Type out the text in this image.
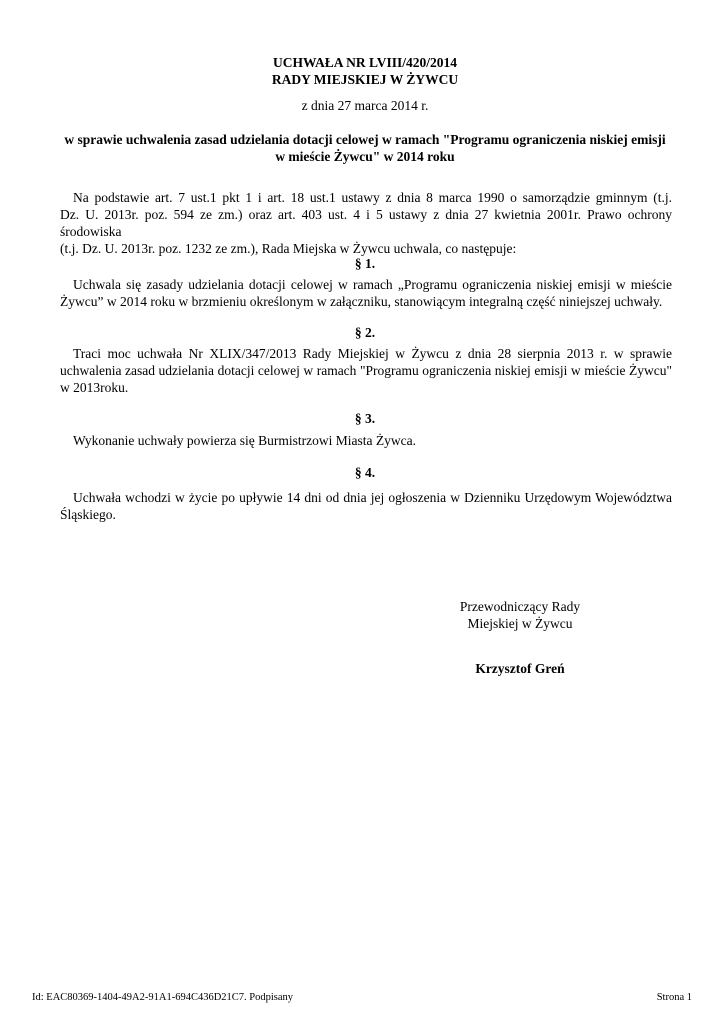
UCHWAŁA NR LVIII/420/2014
RADY MIEJSKIEJ W ŻYWCU
z dnia 27 marca 2014 r.
w sprawie uchwalenia zasad udzielania dotacji celowej w ramach "Programu ograniczenia niskiej emisji
w mieście Żywcu" w 2014 roku
Na podstawie art. 7 ust.1 pkt 1 i art. 18 ust.1 ustawy z dnia 8 marca 1990 o samorządzie gminnym (t.j.
Dz. U. 2013r. poz. 594 ze zm.) oraz art. 403 ust. 4 i 5 ustawy z dnia 27 kwietnia 2001r. Prawo ochrony środowiska
(t.j. Dz. U. 2013r. poz. 1232 ze zm.), Rada Miejska w Żywcu uchwala, co następuje:
§ 1.
Uchwala się zasady udzielania dotacji celowej w ramach „Programu ograniczenia niskiej emisji w mieście
Żywcu” w 2014 roku w brzmieniu określonym w załączniku, stanowiącym integralną część niniejszej uchwały.
§ 2.
Traci moc uchwała Nr XLIX/347/2013 Rady Miejskiej w Żywcu z dnia 28 sierpnia 2013 r. w sprawie
uchwalenia zasad udzielania dotacji celowej w ramach "Programu ograniczenia niskiej emisji w mieście Żywcu"
w 2013roku.
§ 3.
Wykonanie uchwały powierza się Burmistrzowi Miasta Żywca.
§ 4.
Uchwała wchodzi w życie po upływie 14 dni od dnia jej ogłoszenia w Dzienniku Urzędowym Województwa
Śląskiego.
Przewodniczący Rady
Miejskiej w Żywcu
Krzysztof Greń
Id: EAC80369-1404-49A2-91A1-694C436D21C7. Podpisany	Strona 1
